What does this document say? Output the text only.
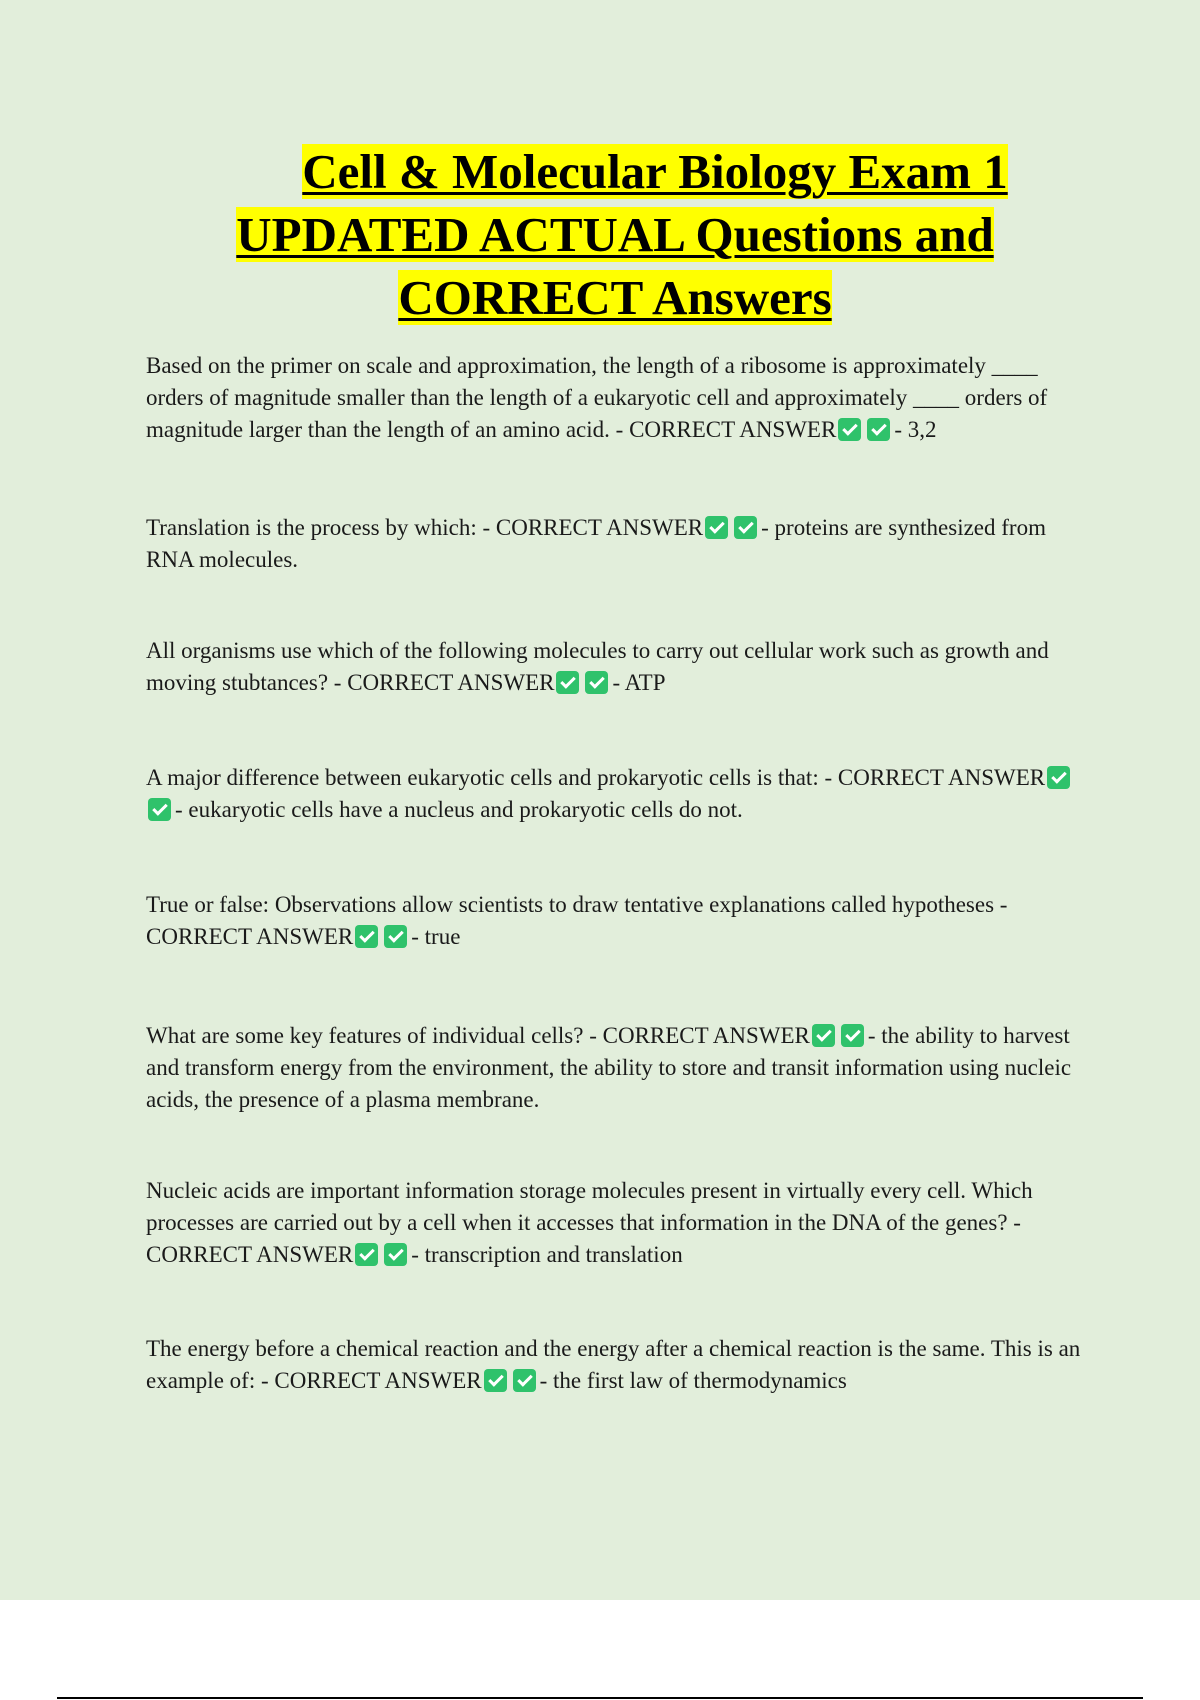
Cell & Molecular Biology Exam 1
UPDATED ACTUAL Questions and
CORRECT Answers

Based on the primer on scale and approximation, the length of a ribosome is approximately ____ orders of magnitude smaller than the length of a eukaryotic cell and approximately ____ orders of magnitude larger than the length of an amino acid. - CORRECT ANSWER	- 3,2

Translation is the process by which: - CORRECT ANSWER	- proteins are synthesized from RNA molecules.

All organisms use which of the following molecules to carry out cellular work such as growth and moving stubtances? - CORRECT ANSWER	- ATP

A major difference between eukaryotic cells and prokaryotic cells is that: - CORRECT ANSWER- eukaryotic cells have a nucleus and prokaryotic cells do not.

True or false: Observations allow scientists to draw tentative explanations called hypotheses - CORRECT ANSWER	- true

What are some key features of individual cells? - CORRECT ANSWER	- the ability to harvest and transform energy from the environment, the ability to store and transit information using nucleic acids, the presence of a plasma membrane.

Nucleic acids are important information storage molecules present in virtually every cell. Which processes are carried out by a cell when it accesses that information in the DNA of the genes? - CORRECT ANSWER	- transcription and translation

The energy before a chemical reaction and the energy after a chemical reaction is the same. This is an example of: - CORRECT ANSWER	- the first law of thermodynamics
